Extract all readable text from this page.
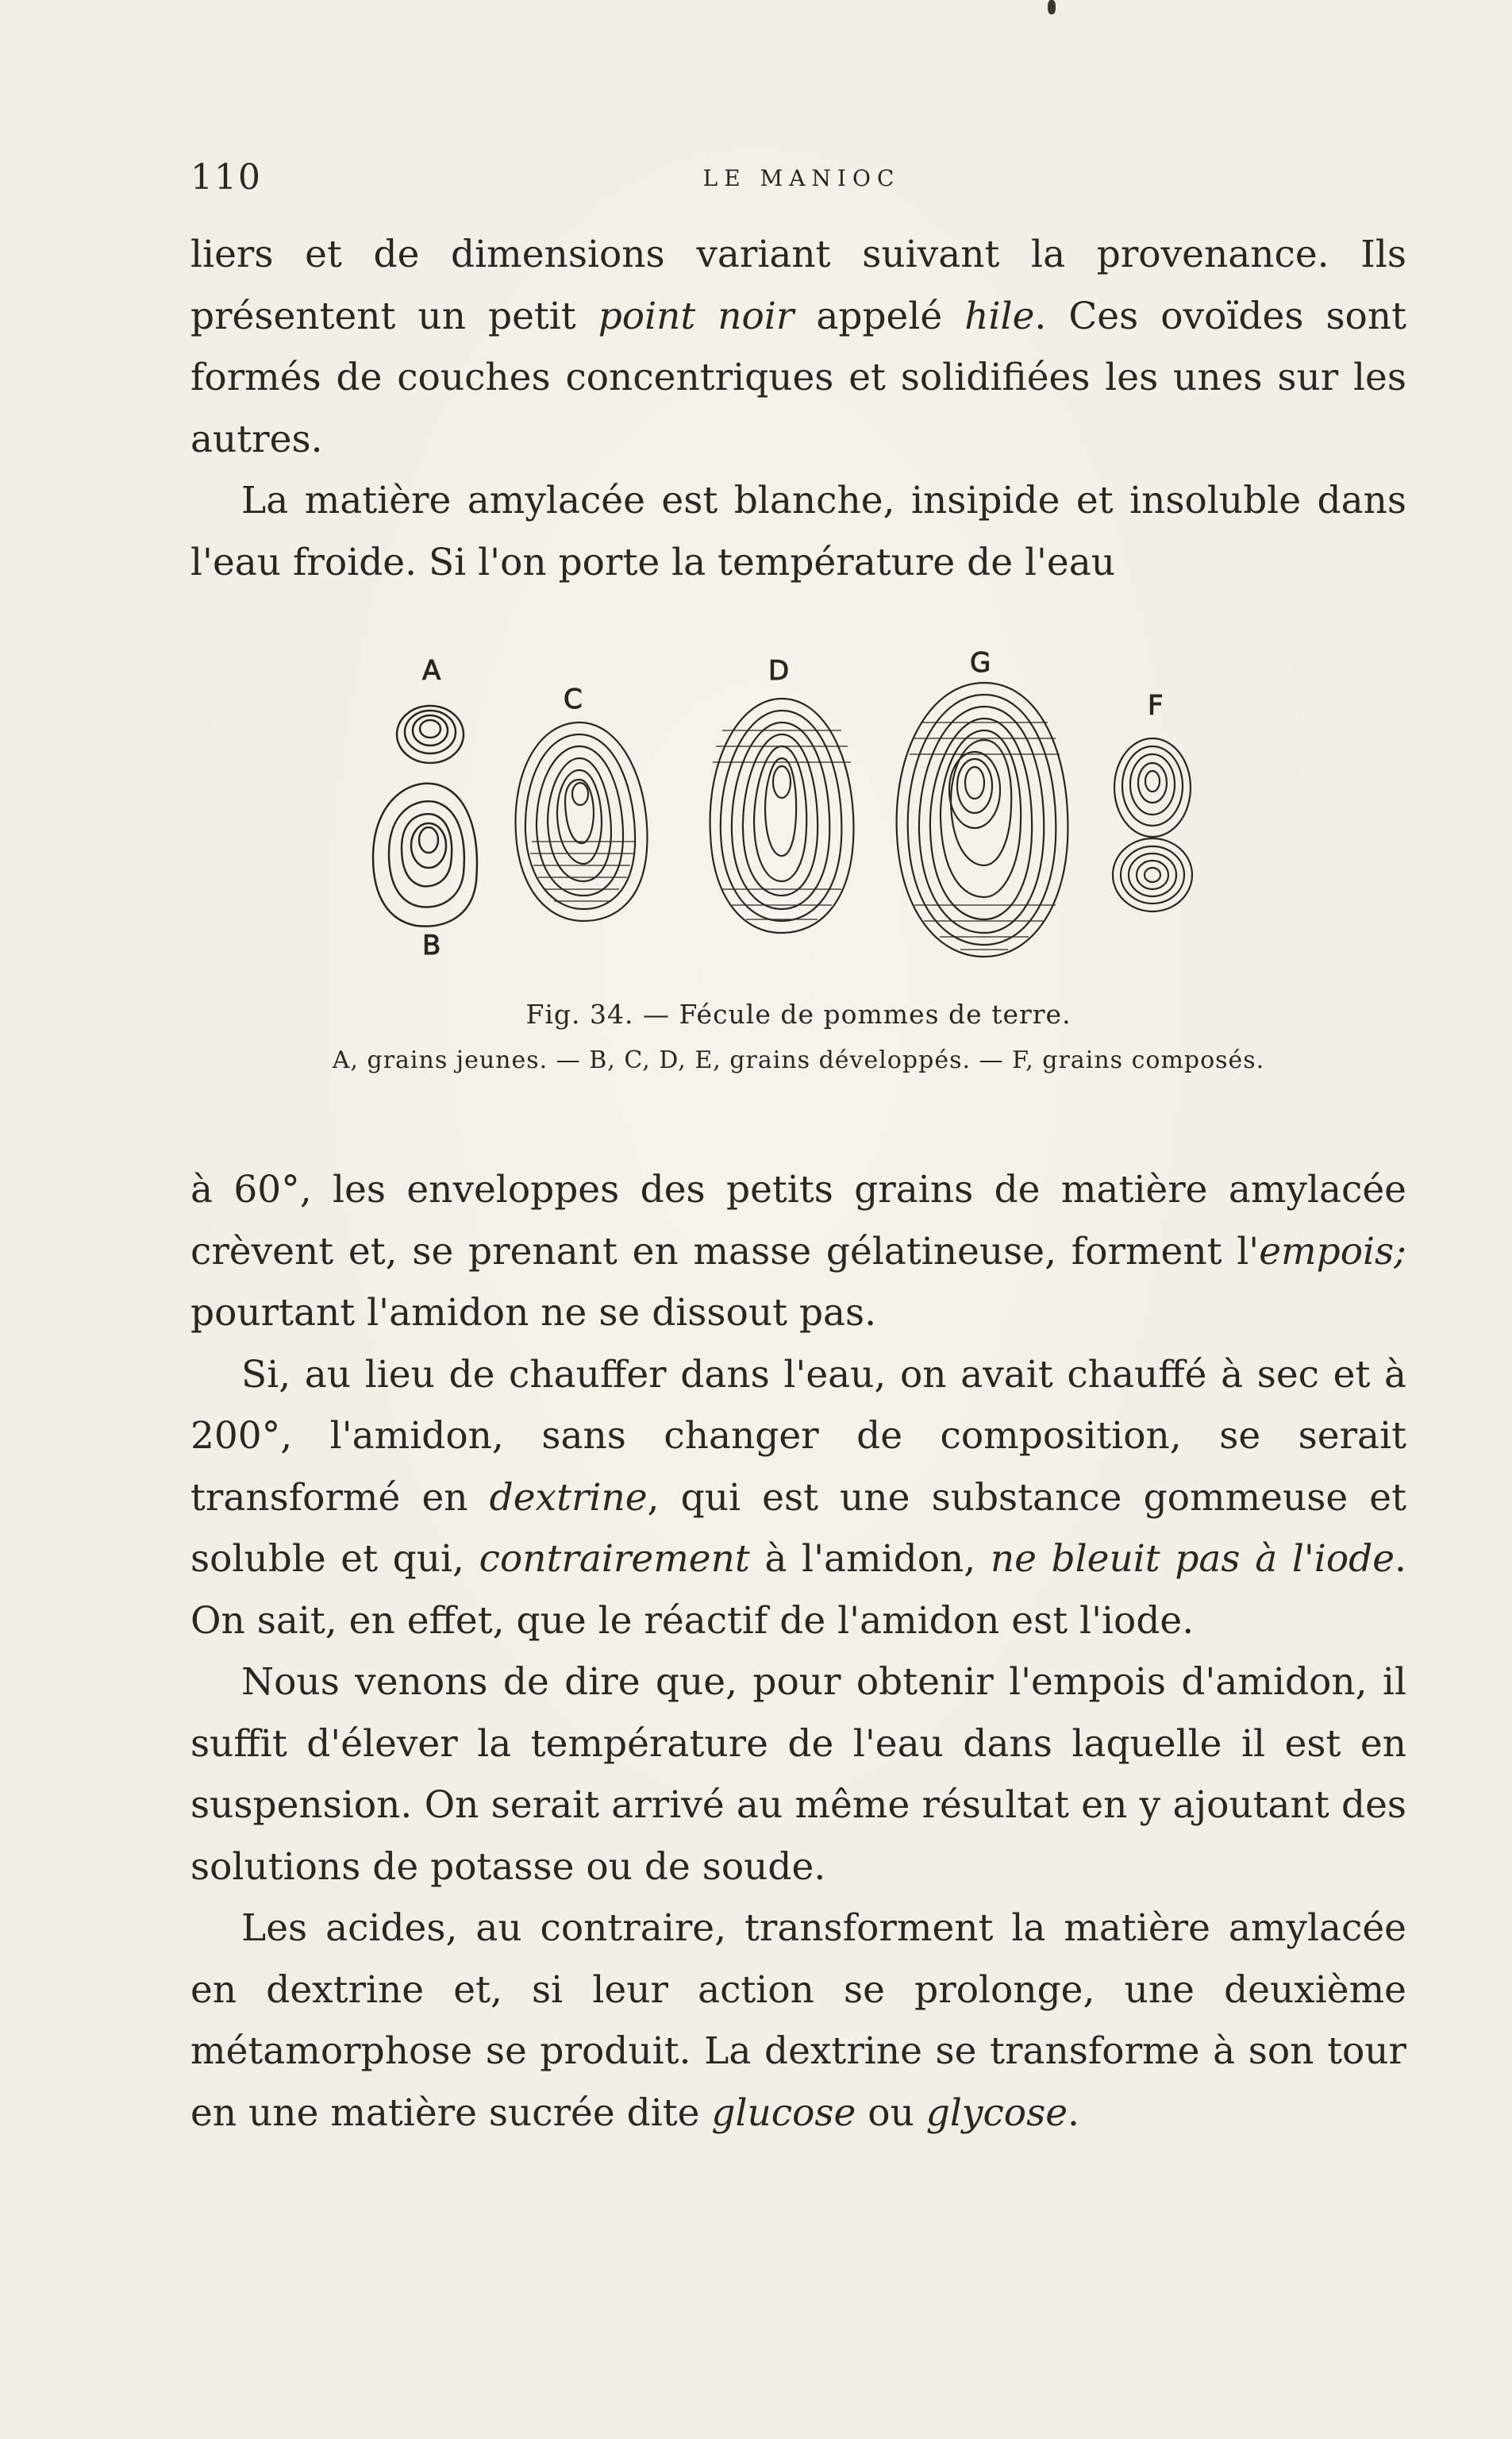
110	LE MANIOC

liers et de dimensions variant suivant la provenance. Ils présentent un petit point noir appelé hile. Ces ovoïdes sont formés de couches concentriques et solidifiées les unes sur les autres.

La matière amylacée est blanche, insipide et insoluble dans l'eau froide. Si l'on porte la température de l'eau

A
C
D	G
F
B
Fig. 34. — Fécule de pommes de terre.
A, grains jeunes. — B, C, D, E, grains développés. — F, grains composés.

à 60°, les enveloppes des petits grains de matière amylacée crèvent et, se prenant en masse gélatineuse, forment l'empois; pourtant l'amidon ne se dissout pas.

Si, au lieu de chauffer dans l'eau, on avait chauffé à sec et à 200°, l'amidon, sans changer de composition, se serait transformé en dextrine, qui est une substance gommeuse et soluble et qui, contrairement à l'amidon, ne bleuit pas à l'iode. On sait, en effet, que le réactif de l'amidon est l'iode.

Nous venons de dire que, pour obtenir l'empois d'amidon, il suffit d'élever la température de l'eau dans laquelle il est en suspension. On serait arrivé au même résultat en y ajoutant des solutions de potasse ou de soude.

Les acides, au contraire, transforment la matière amylacée en dextrine et, si leur action se prolonge, une deuxième métamorphose se produit. La dextrine se transforme à son tour en une matière sucrée dite glucose ou glycose.
